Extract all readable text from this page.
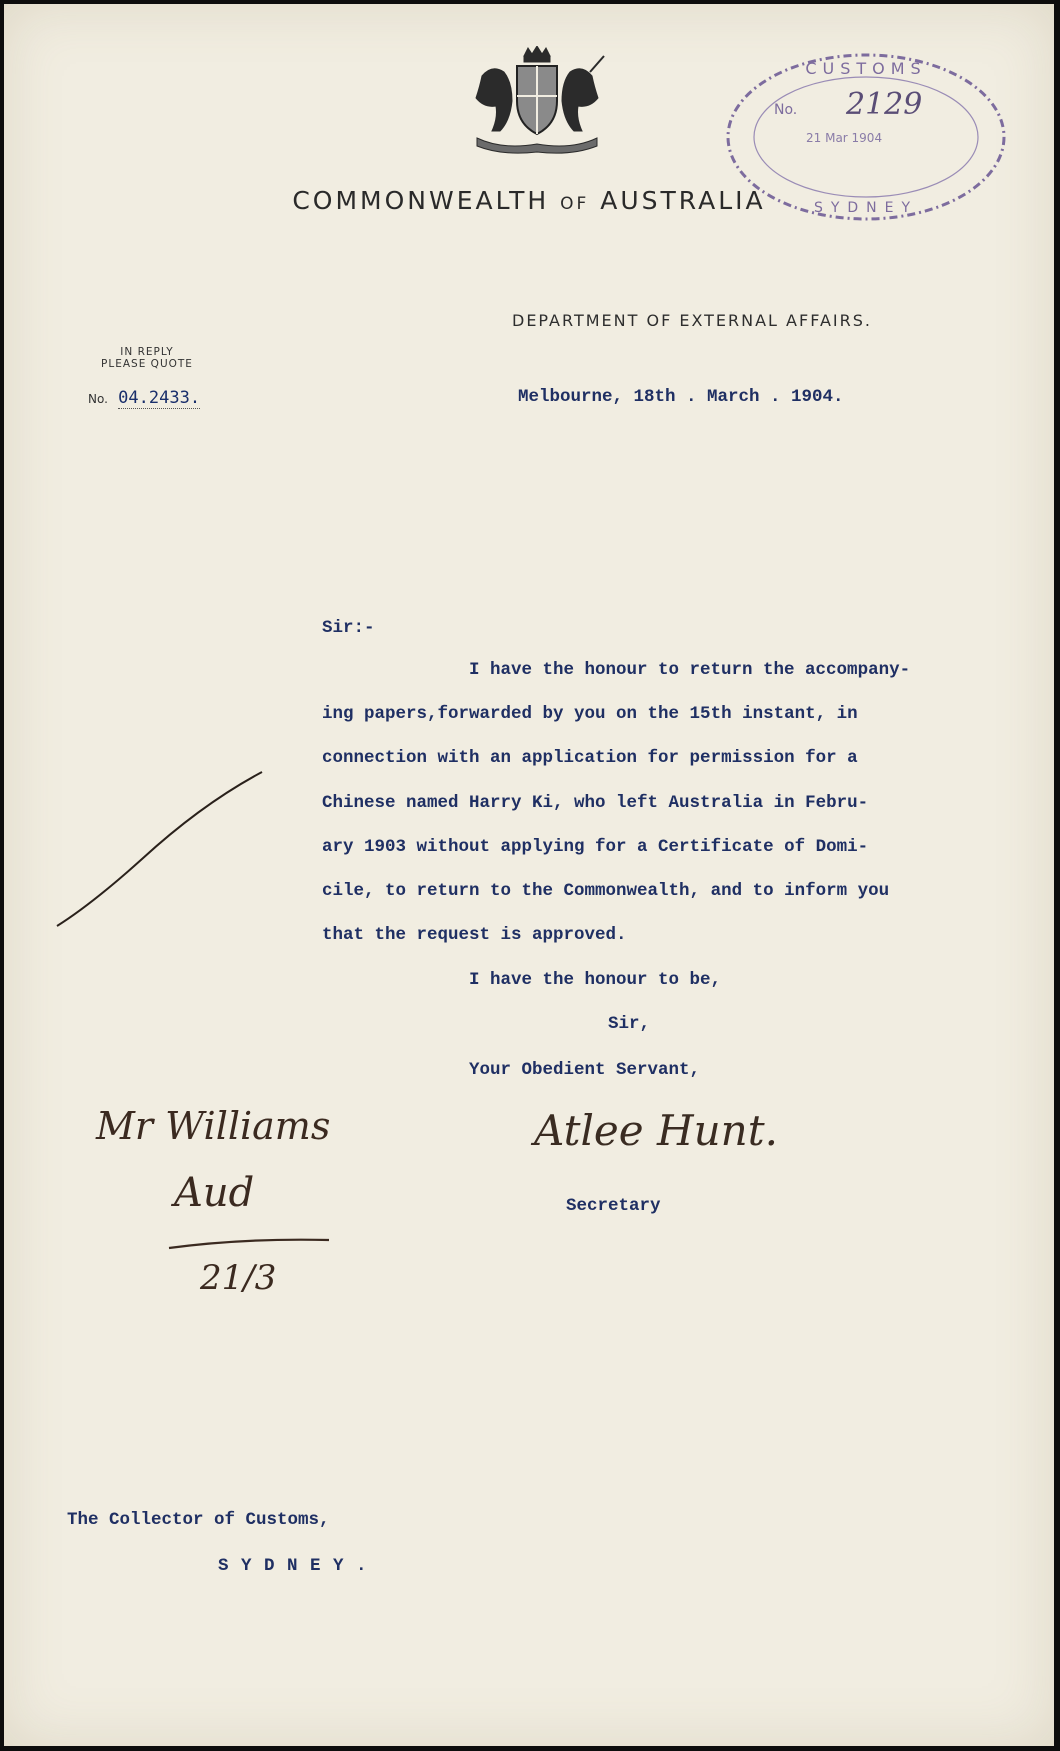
CUSTOMS
SYDNEY
No. 2129
21 Mar 1904
COMMONWEALTH OF AUSTRALIA
DEPARTMENT OF EXTERNAL AFFAIRS.
IN REPLY
PLEASE QUOTE
No. 04.2433.	Melbourne, 18th . March . 1904.
Sir:-
I have the honour to return the accompany-
ing papers,forwarded by you on the 15th instant, in
connection with an application for permission for a
Chinese named Harry Ki, who left Australia in Febru-
ary 1903 without applying for a Certificate of Domi-
cile, to return to the Commonwealth, and to inform you
that the request is approved.
I have the honour to be,
Sir,
Your Obedient Servant,
Atlee Hunt.
Secretary
Mr Williams
Aud
21/3
The Collector of Customs,
S Y D N E Y .
